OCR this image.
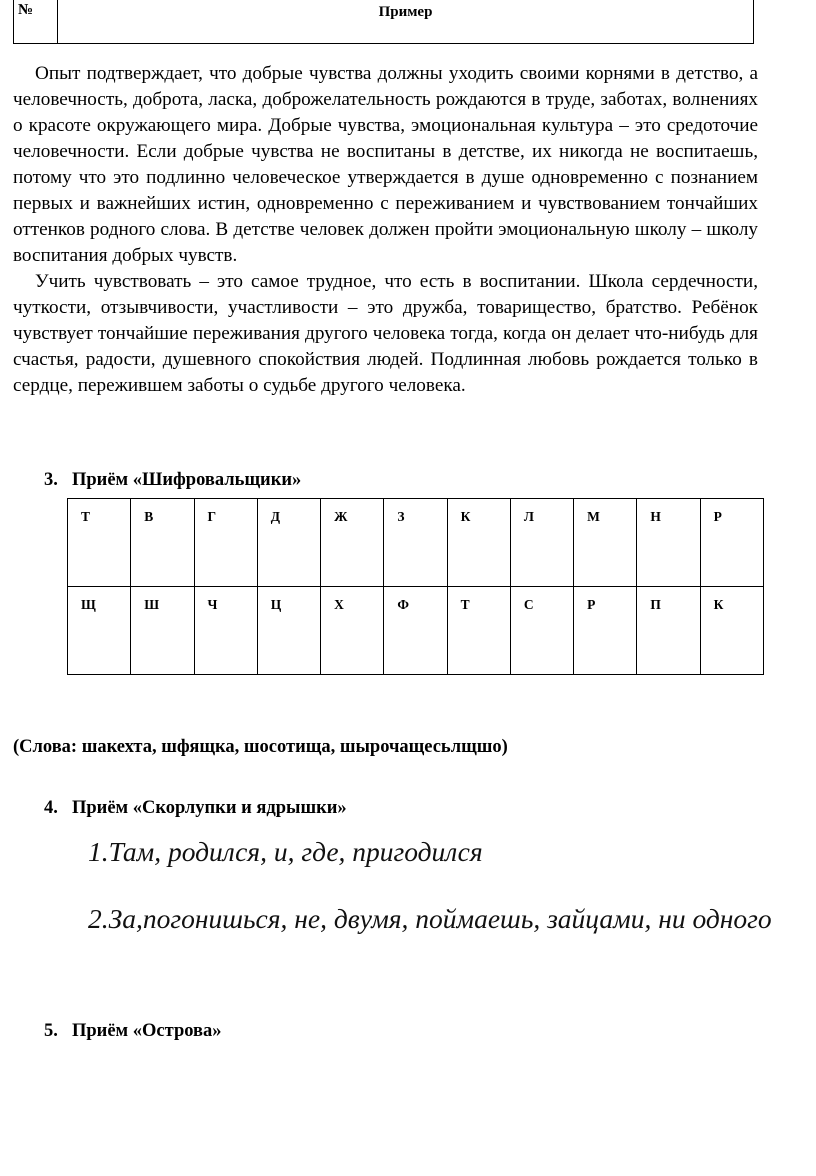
№	Пример

Опыт подтверждает, что добрые чувства должны уходить своими корнями в детство, а человечность, доброта, ласка, доброжелательность рождаются в труде, заботах, волнениях о красоте окружающего мира. Добрые чувства, эмоциональная культура – это средоточие человечности. Если добрые чувства не воспитаны в детстве, их никогда не воспитаешь, потому что это подлинно человеческое утверждается в душе одновременно с познанием первых и важнейших истин, одновременно с переживанием и чувствованием тончайших оттенков родного слова. В детстве человек должен пройти эмоциональную школу – школу воспитания добрых чувств.

Учить чувствовать – это самое трудное, что есть в воспитании. Школа сердечности, чуткости, отзывчивости, участливости – это дружба, товарищество, братство. Ребёнок чувствует тончайшие переживания другого человека тогда, когда он делает что-нибудь для счастья, радости, душевного спокойствия людей. Подлинная любовь рождается только в сердце, пережившем заботы о судьбе другого человека.

3. Приём «Шифровальщики»
Т	В	Г	Д	Ж	З	К	Л	М	Н	Р
Щ	Ш	Ч	Ц	Х	Ф	Т	С	Р	П	К
(Слова: шакехта, шфящка, шосотища, шырочащесьлщшо)
4. Приём «Скорлупки и ядрышки»
1.Там, родился, и, где, пригодился
2.За,погонишься, не, двумя, поймаешь, зайцами, ни одного
5. Приём «Острова»
